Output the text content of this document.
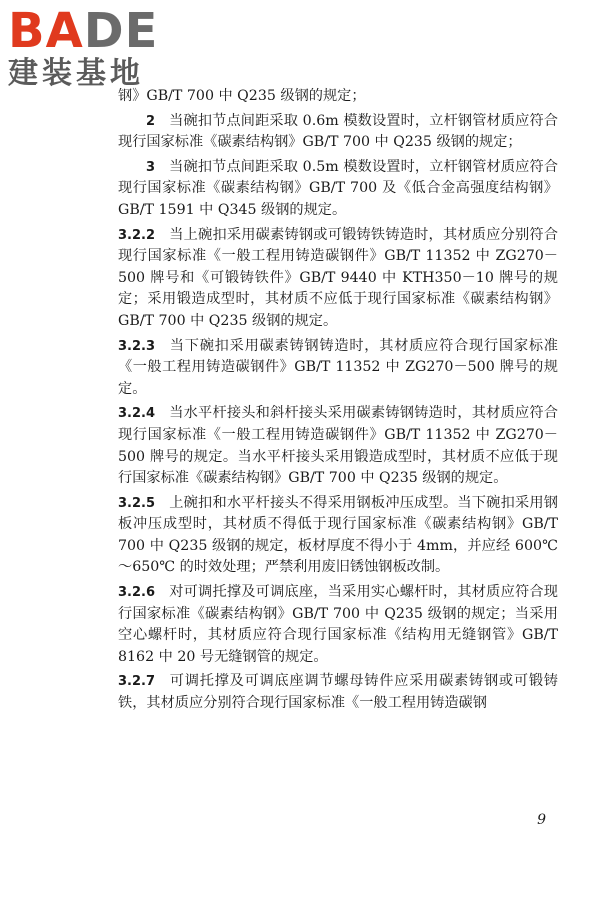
BADE
建装基地

钢》GB/T 700 中 Q235 级钢的规定；

2 当碗扣节点间距采取 0.6m 模数设置时，立杆钢管材质应符合现行国家标准《碳素结构钢》GB/T 700 中 Q235 级钢的规定；

3 当碗扣节点间距采取 0.5m 模数设置时，立杆钢管材质应符合现行国家标准《碳素结构钢》GB/T 700 及《低合金高强度结构钢》GB/T 1591 中 Q345 级钢的规定。

3.2.2 当上碗扣采用碳素铸钢或可锻铸铁铸造时，其材质应分别符合现行国家标准《一般工程用铸造碳钢件》GB/T 11352 中 ZG270－500 牌号和《可锻铸铁件》GB/T 9440 中 KTH350－10 牌号的规定；采用锻造成型时，其材质不应低于现行国家标准《碳素结构钢》GB/T 700 中 Q235 级钢的规定。

3.2.3 当下碗扣采用碳素铸钢铸造时，其材质应符合现行国家标准《一般工程用铸造碳钢件》GB/T 11352 中 ZG270－500 牌号的规定。

3.2.4 当水平杆接头和斜杆接头采用碳素铸钢铸造时，其材质应符合现行国家标准《一般工程用铸造碳钢件》GB/T 11352 中 ZG270－500 牌号的规定。当水平杆接头采用锻造成型时，其材质不应低于现行国家标准《碳素结构钢》GB/T 700 中 Q235 级钢的规定。

3.2.5 上碗扣和水平杆接头不得采用钢板冲压成型。当下碗扣采用钢板冲压成型时，其材质不得低于现行国家标准《碳素结构钢》GB/T 700 中 Q235 级钢的规定，板材厚度不得小于 4mm，并应经 600℃～650℃ 的时效处理；严禁利用废旧锈蚀钢板改制。

3.2.6 对可调托撑及可调底座，当采用实心螺杆时，其材质应符合现行国家标准《碳素结构钢》GB/T 700 中 Q235 级钢的规定；当采用空心螺杆时，其材质应符合现行国家标准《结构用无缝钢管》GB/T 8162 中 20 号无缝钢管的规定。

3.2.7 可调托撑及可调底座调节螺母铸件应采用碳素铸钢或可锻铸铁，其材质应分别符合现行国家标准《一般工程用铸造碳钢

9
